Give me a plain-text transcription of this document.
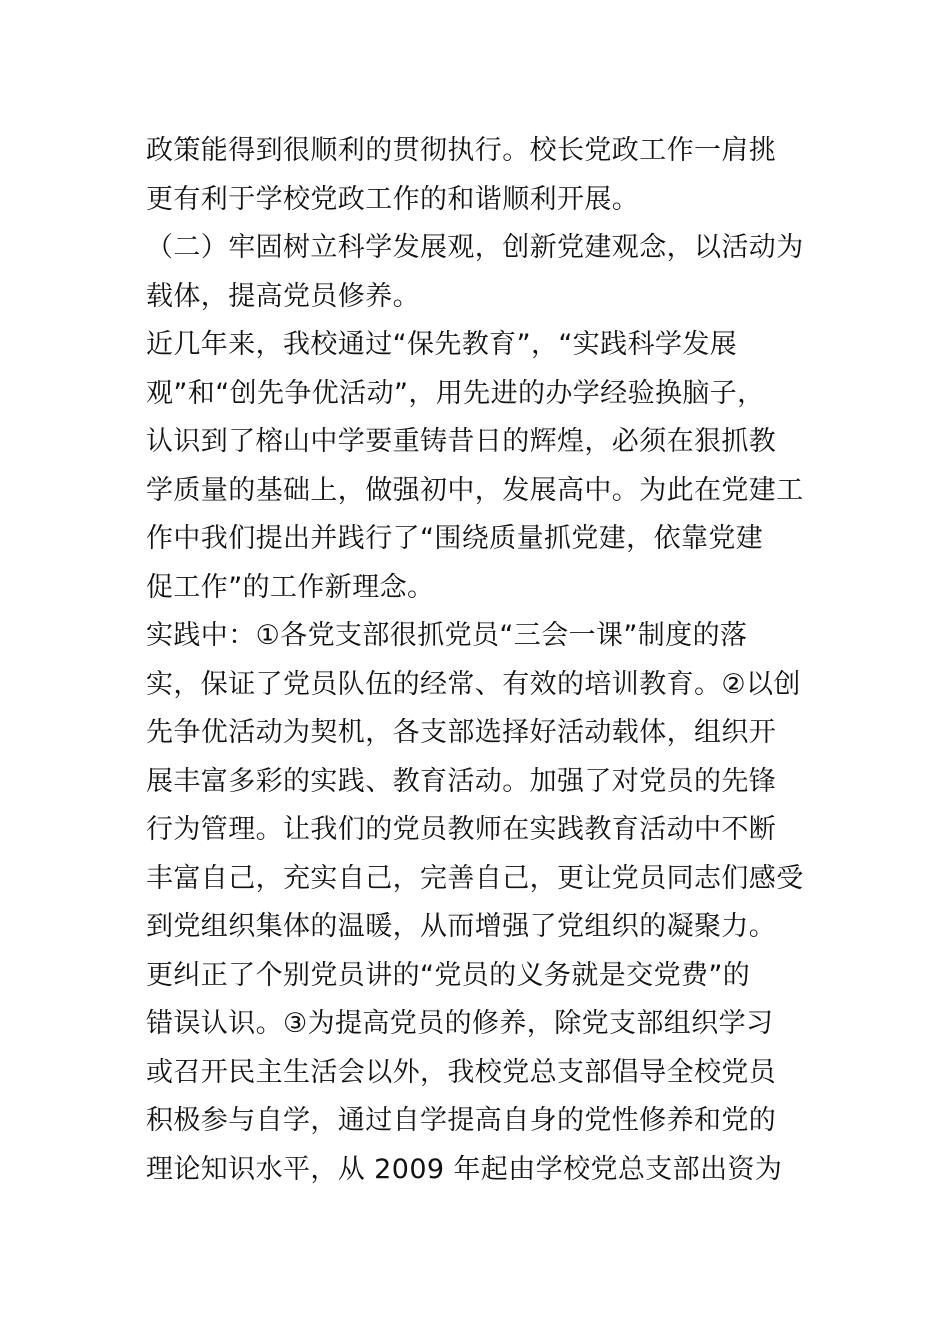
政策能得到很顺利的贯彻执行。校长党政工作一肩挑
更有利于学校党政工作的和谐顺利开展。
（二）牢固树立科学发展观，创新党建观念，以活动为
载体，提高党员修养。
近几年来，我校通过“保先教育”，“实践科学发展
观”和“创先争优活动”，用先进的办学经验换脑子，
认识到了榕山中学要重铸昔日的辉煌，必须在狠抓教
学质量的基础上，做强初中，发展高中。为此在党建工
作中我们提出并践行了“围绕质量抓党建，依靠党建
促工作”的工作新理念。
实践中：①各党支部很抓党员“三会一课”制度的落
实，保证了党员队伍的经常、有效的培训教育。②以创
先争优活动为契机，各支部选择好活动载体，组织开
展丰富多彩的实践、教育活动。加强了对党员的先锋
行为管理。让我们的党员教师在实践教育活动中不断
丰富自己，充实自己，完善自己，更让党员同志们感受
到党组织集体的温暖，从而增强了党组织的凝聚力。
更纠正了个别党员讲的“党员的义务就是交党费”的
错误认识。③为提高党员的修养，除党支部组织学习
或召开民主生活会以外，我校党总支部倡导全校党员
积极参与自学，通过自学提高自身的党性修养和党的
理论知识水平，从 2009 年起由学校党总支部出资为
